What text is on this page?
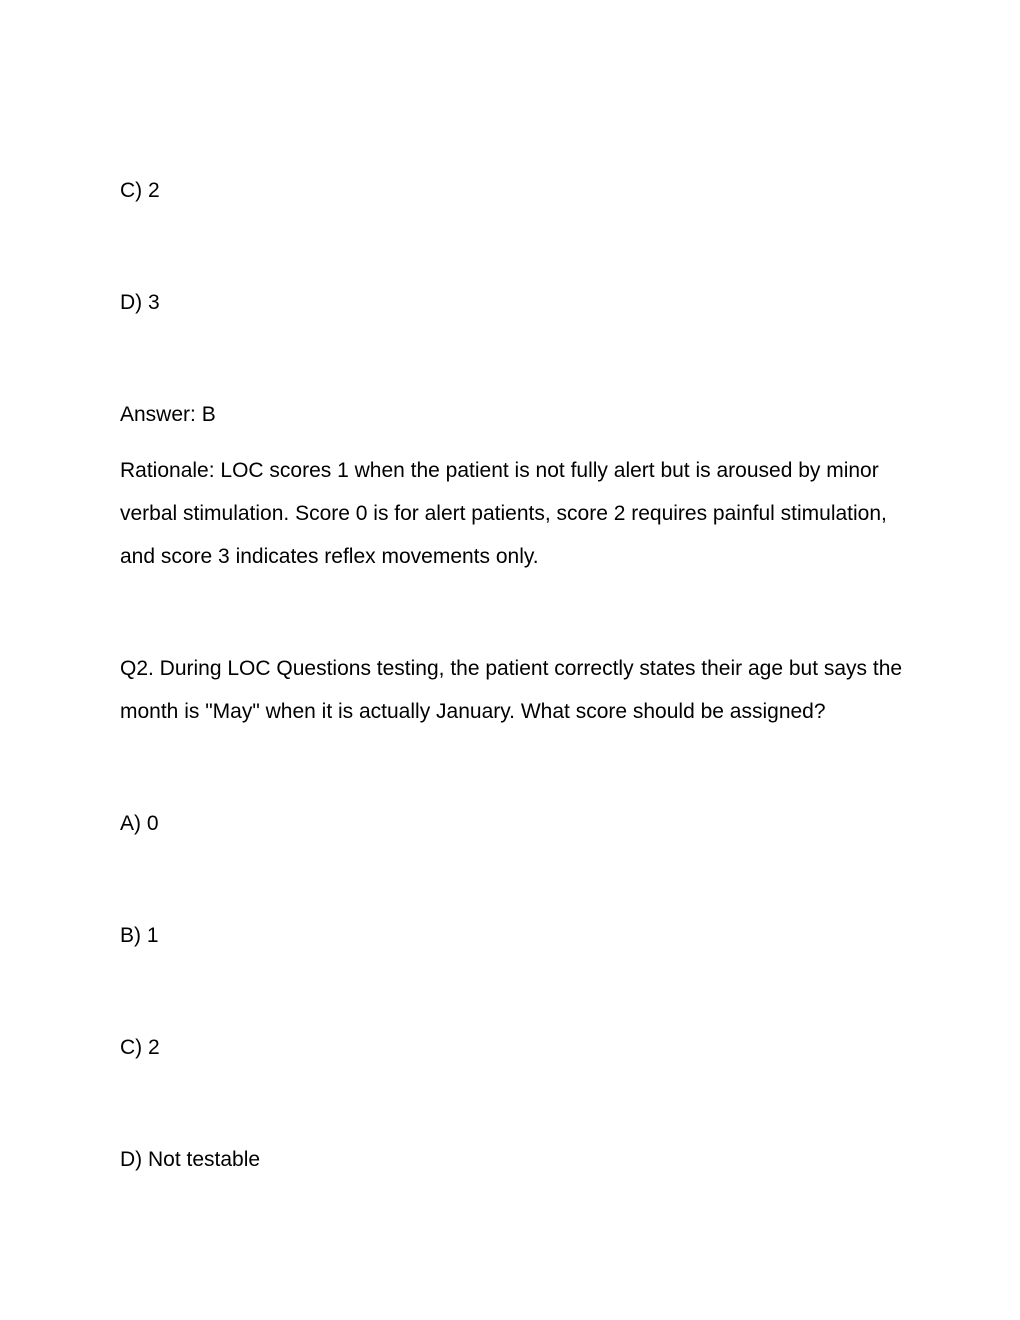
C) 2
D) 3
Answer: B

Rationale: LOC scores 1 when the patient is not fully alert but is aroused by minor verbal stimulation. Score 0 is for alert patients, score 2 requires painful stimulation, and score 3 indicates reflex movements only.

Q2. During LOC Questions testing, the patient correctly states their age but says the month is "May" when it is actually January. What score should be assigned?

A) 0
B) 1
C) 2
D) Not testable
